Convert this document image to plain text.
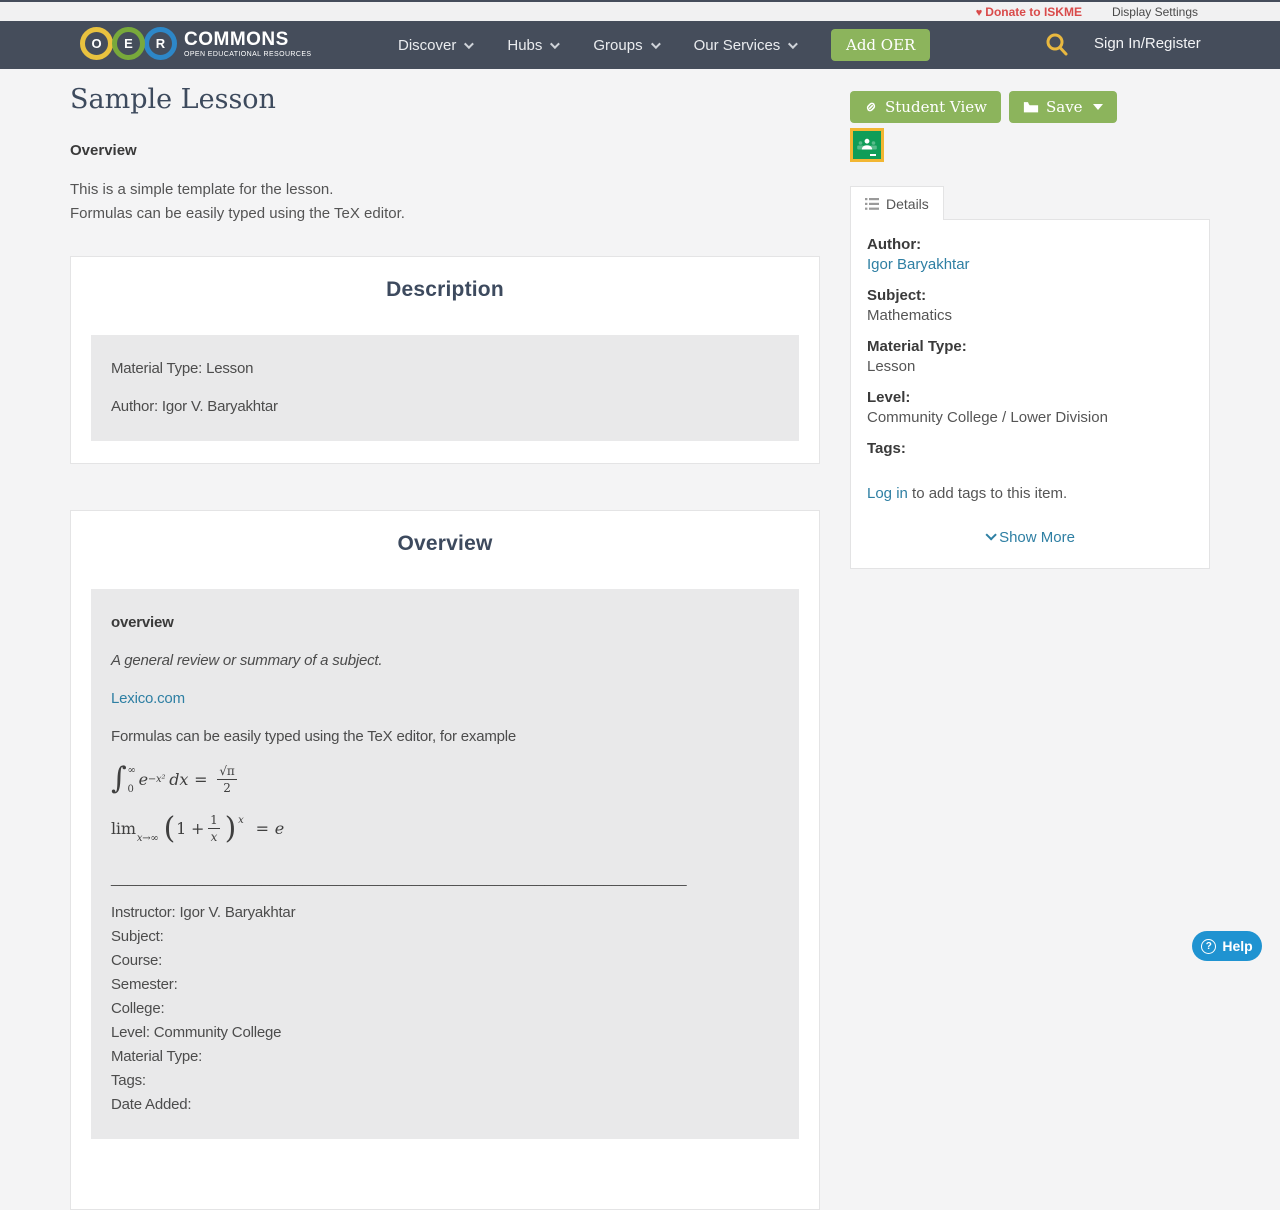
♥ Donate to ISKME	Display Settings
O	E	R COMMONS
OPEN EDUCATIONAL RESOURCES
Discover	Hubs	Groups	Our Services	Add OER	Sign In/Register
Sample Lesson
Overview

This is a simple template for the lesson.

Formulas can be easily typed using the TeX editor.

Description
Material Type: Lesson
Author: Igor V. Baryakhtar
Overview

overview

A general review or summary of a subject.

Lexico.com

Formulas can be easily typed using the TeX editor, for example

∫ ∞
0
e −x² dx = $\frac{√\pi}{2}$
lim
x→∞ ( $1 + \frac{1}{x}$ ) x = e
_____________________________________________________________________
Instructor: Igor V. Baryakhtar
Subject:
Course:
Semester:
College:
Level: Community College
Material Type:
Tags:
Date Added:
Student View	Save
Details
Author:
Igor Baryakhtar
Subject:
Mathematics
Material Type:
Lesson
Level:
Community College / Lower Division
Tags:
Log in to add tags to this item.
Show More
? Help
